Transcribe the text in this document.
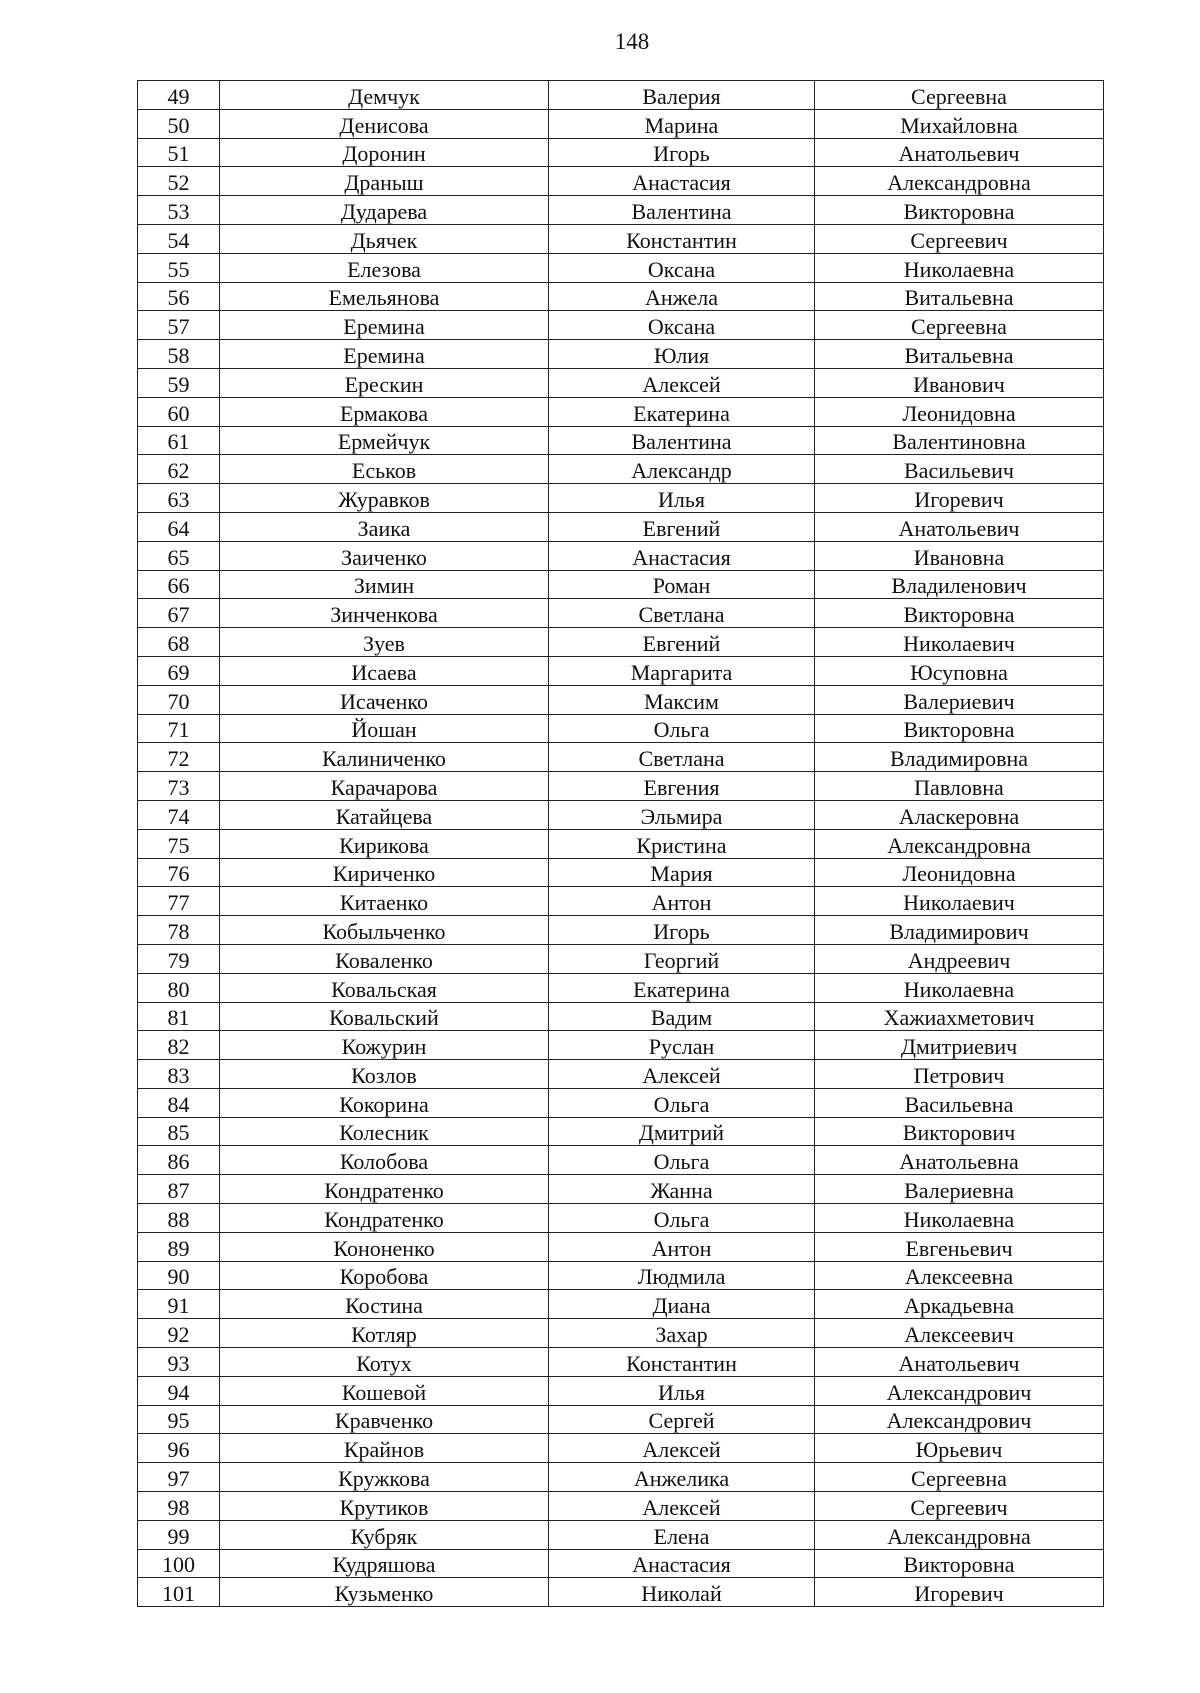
148
49	Демчук	Валерия	Сергеевна
50	Денисова	Марина	Михайловна
51	Доронин	Игорь	Анатольевич
52	Драныш	Анастасия	Александровна
53	Дударева	Валентина	Викторовна
54	Дьячек	Константин	Сергеевич
55	Елезова	Оксана	Николаевна
56	Емельянова	Анжела	Витальевна
57	Еремина	Оксана	Сергеевна
58	Еремина	Юлия	Витальевна
59	Ерескин	Алексей	Иванович
60	Ермакова	Екатерина	Леонидовна
61	Ермейчук	Валентина	Валентиновна
62	Еськов	Александр	Васильевич
63	Журавков	Илья	Игоревич
64	Заика	Евгений	Анатольевич
65	Заиченко	Анастасия	Ивановна
66	Зимин	Роман	Владиленович
67	Зинченкова	Светлана	Викторовна
68	Зуев	Евгений	Николаевич
69	Исаева	Маргарита	Юсуповна
70	Исаченко	Максим	Валериевич
71	Йошан	Ольга	Викторовна
72	Калиниченко	Светлана	Владимировна
73	Карачарова	Евгения	Павловна
74	Катайцева	Эльмира	Аласкеровна
75	Кирикова	Кристина	Александровна
76	Кириченко	Мария	Леонидовна
77	Китаенко	Антон	Николаевич
78	Кобыльченко	Игорь	Владимирович
79	Коваленко	Георгий	Андреевич
80	Ковальская	Екатерина	Николаевна
81	Ковальский	Вадим	Хажиахметович
82	Кожурин	Руслан	Дмитриевич
83	Козлов	Алексей	Петрович
84	Кокорина	Ольга	Васильевна
85	Колесник	Дмитрий	Викторович
86	Колобова	Ольга	Анатольевна
87	Кондратенко	Жанна	Валериевна
88	Кондратенко	Ольга	Николаевна
89	Кононенко	Антон	Евгеньевич
90	Коробова	Людмила	Алексеевна
91	Костина	Диана	Аркадьевна
92	Котляр	Захар	Алексеевич
93	Котух	Константин	Анатольевич
94	Кошевой	Илья	Александрович
95	Кравченко	Сергей	Александрович
96	Крайнов	Алексей	Юрьевич
97	Кружкова	Анжелика	Сергеевна
98	Крутиков	Алексей	Сергеевич
99	Кубряк	Елена	Александровна
100	Кудряшова	Анастасия	Викторовна
101	Кузьменко	Николай	Игоревич
